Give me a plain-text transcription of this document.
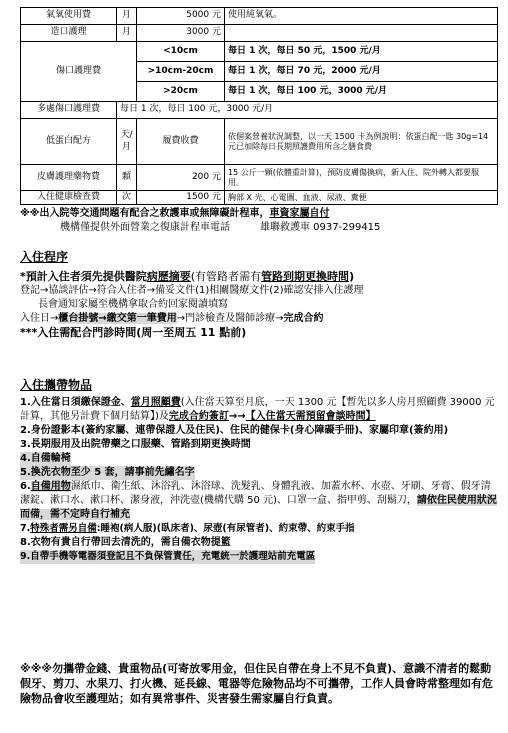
氣氧使用費	月	5000 元	使用純氧氣。
造口護理	月	3000 元	
傷口護理費		<10cm	每日 1 次，每日 50 元，1500 元/月
		>10cm-20cm	每日 1 次，每日 70 元，2000 元/月
		>20cm	每日 1 次，每日 100 元，3000 元/月
多處傷口護理費	每日 1 次，每日 100 元，3000 元/月		
低蛋白配方	天/月	履費收費	依個案營養狀況調整，以一天 1500 卡為例說明：依蛋白配一匙 30g=14 元已加除每日長期照護費用所含之膳食費
皮膚護理藥物費	顆	200 元	15 公斤一顆(依體重計算)，預防皮膚傷換病，新入住、院外轉入都要服用。
入住健康檢查費	次	1500 元	胸部 X 光、心電圖、血液、尿液、糞便
※※出入院等交通問題有配合之救護車或無障礙計程車，車資家屬自付
機構僅提供外面營業之復康計程車電話	雄聯救護車 0937-299415
入住程序
*預計入住者須先提供醫院病歷摘要(有管路者需有管路到期更換時間)
登記→協談評估→符合入住者→備妥文件(1)相關醫療文件(2)確認安排入住護理
長會通知家屬至機構拿取合約回家閱讀填寫
入住日→櫃台掛號→繳交第一筆費用→門診檢查及醫師診療→完成合約
***入住需配合門診時間(周一至周五 11 點前)
入住攜帶物品
1.入住當日須繳保證金、當月照顧費(入住當天算至月底，一天 1300 元【暫先以多人房月照顧費 39000 元計算，其他另計費下個月結算】)及完成合約簽訂→→【入住當天需預留會談時間】
2.身份證影本(簽約家屬、連帶保證人及住民)、住民的健保卡(身心障礙手冊)、家屬印章(簽約用)
3.長期服用及出院帶藥之口服藥、管路到期更換時間
4.自備輪椅
5.換洗衣物至少 5 套，請事前先繡名字
6.自備用物濕紙巾、衛生紙、沐浴乳、沐浴球、洗髮乳、身體乳液、加蓋水杯、水壺、牙刷、牙膏、假牙清潔錠、漱口水、漱口杯、潔身液，沖洗壺(機構代購 50 元)、口罩一盒、指甲剪、刮鬍刀，請依住民使用狀況而備，需不定時自行補充
7.特殊者需另自備:睡袍(病人服)(臥床者)、尿壺(有尿管者)、約束帶、約束手指
8.衣物有貴自行帶回去清洗的，需自備衣物提籃
9.自帶手機等電器須登記且不負保管責任，充電統一於護理站前充電區
※※※勿攜帶金錢、貴重物品(可寄放零用金，但住民自帶在身上不見不負責)、意識不清者的鬆動假牙、剪刀、水果刀、打火機、延長線、電器等危險物品均不可攜帶，工作人員會時常整理如有危險物品會收至護理站；如有異常事件、災害發生需家屬自行負責。
